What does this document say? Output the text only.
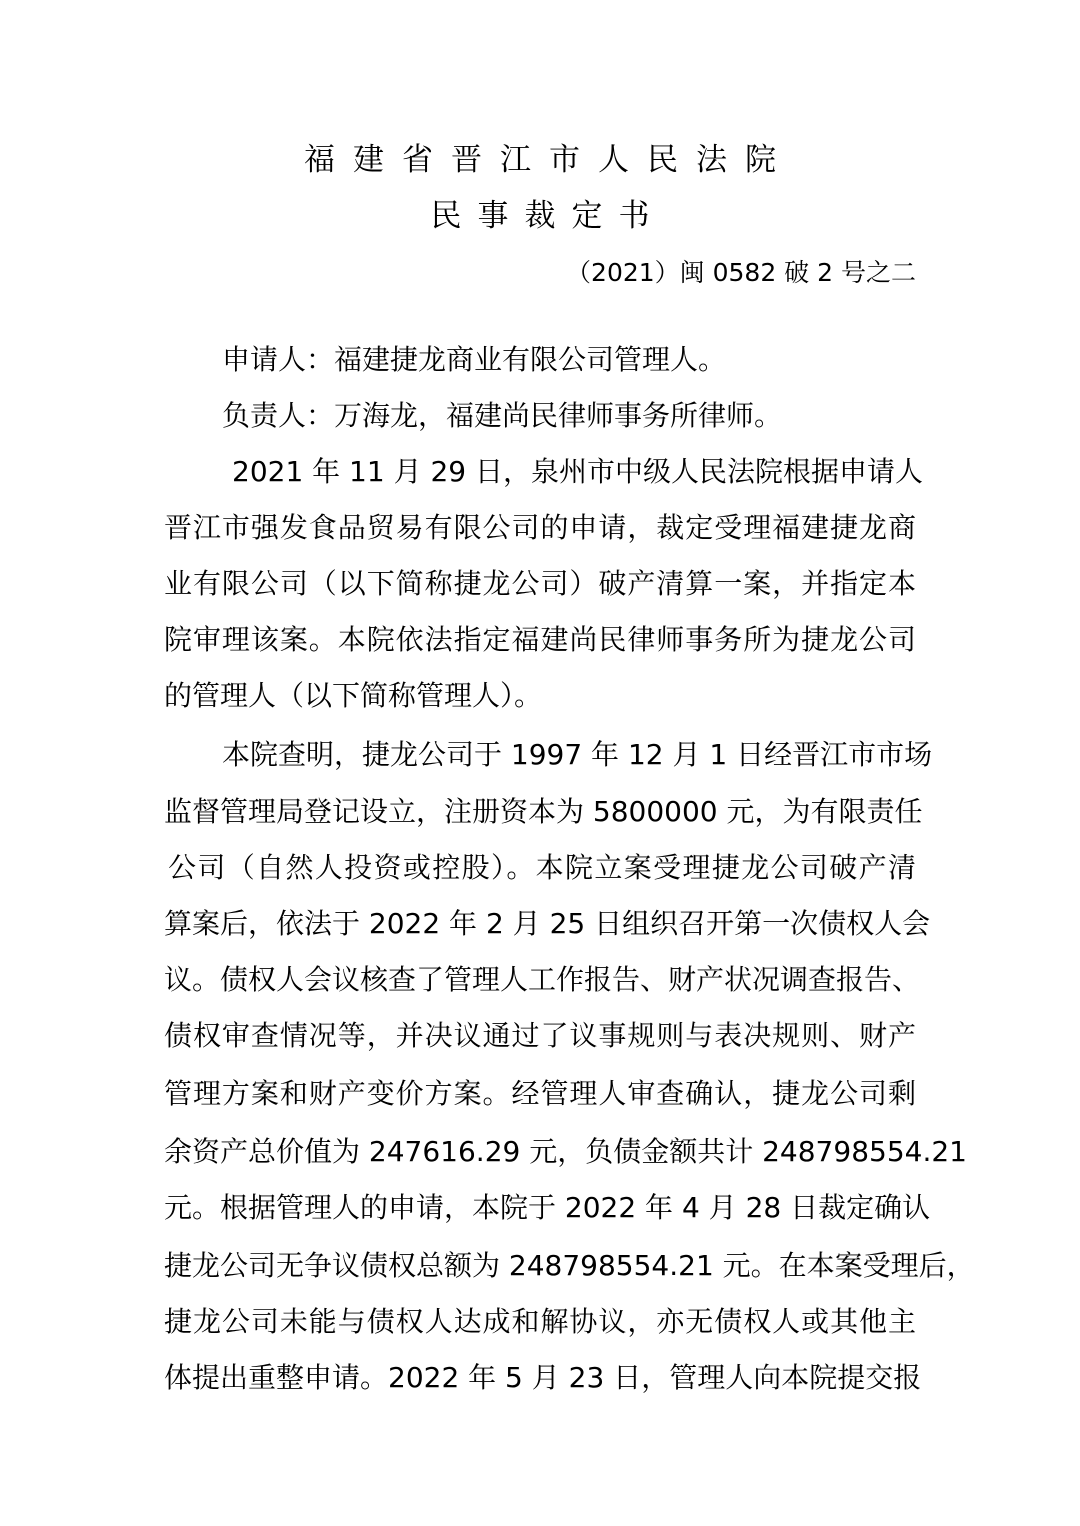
福建省晋江市人民法院
民事裁定书
（2021）闽 0582 破 2 号之二
申请人：福建捷龙商业有限公司管理人。
负责人：万海龙，福建尚民律师事务所律师。
2021 年 11 月 29 日，泉州市中级人民法院根据申请人
晋江市强发食品贸易有限公司的申请，裁定受理福建捷龙商
业有限公司（以下简称捷龙公司）破产清算一案，并指定本
院审理该案。本院依法指定福建尚民律师事务所为捷龙公司
的管理人（以下简称管理人）。
本院查明，捷龙公司于 1997 年 12 月 1 日经晋江市市场
监督管理局登记设立，注册资本为 5800000 元，为有限责任
公司（自然人投资或控股）。本院立案受理捷龙公司破产清
算案后，依法于 2022 年 2 月 25 日组织召开第一次债权人会
议。债权人会议核查了管理人工作报告、财产状况调查报告、
债权审查情况等，并决议通过了议事规则与表决规则、财产
管理方案和财产变价方案。经管理人审查确认，捷龙公司剩
余资产总价值为 247616.29 元，负债金额共计 248798554.21
元。根据管理人的申请，本院于 2022 年 4 月 28 日裁定确认
捷龙公司无争议债权总额为 248798554.21 元。在本案受理后，
捷龙公司未能与债权人达成和解协议，亦无债权人或其他主
体提出重整申请。2022 年 5 月 23 日，管理人向本院提交报
